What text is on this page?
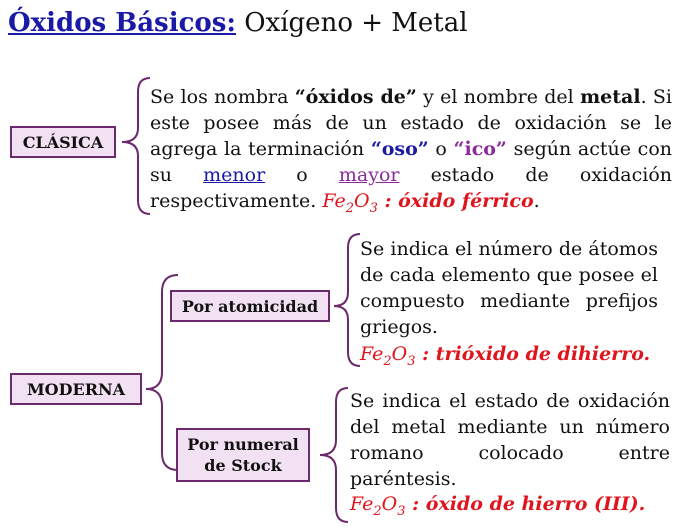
Óxidos Básicos: Oxígeno + Metal
CLÁSICA
MODERNA
Por atomicidad
Por numeral
de Stock
Se los nombra “óxidos de” y el nombre del metal. Si este posee más de un estado de oxidación se le agrega la terminación “oso” o “ico” según actúe con su menor o mayor estado de oxidación respectivamente. $Fe_2O_3$ : óxido férrico.
Se indica el número de átomos de cada elemento que posee el compuesto mediante prefijos griegos.
$Fe_2O_3$ : trióxido de dihierro.
Se indica el estado de oxidación del metal mediante un número romano colocado entre paréntesis.
$Fe_2O_3$ : óxido de hierro (III).
